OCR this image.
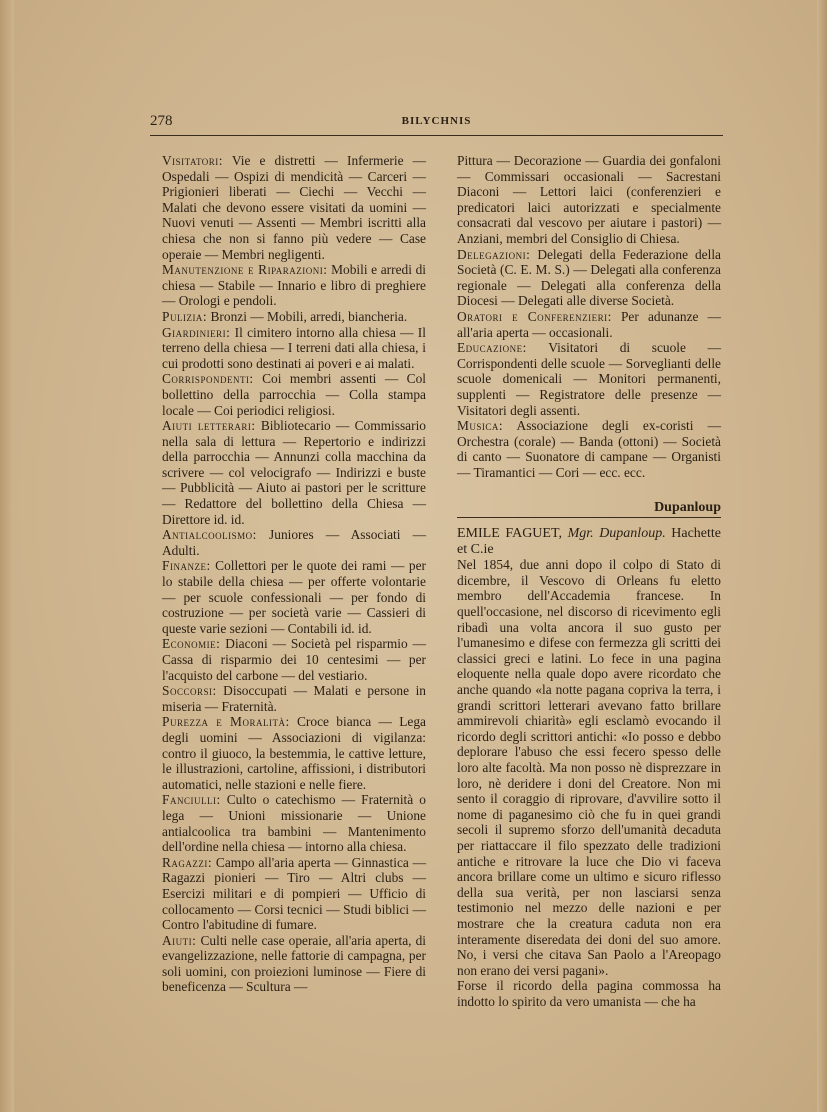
278	BILYCHNIS

Visitatori: Vie e distretti — Infermerie — Ospedali — Ospizi di mendicità — Carceri — Prigionieri liberati — Ciechi — Vecchi — Malati che devono essere visitati da uomini — Nuovi venuti — Assenti — Membri iscritti alla chiesa che non si fanno più vedere — Case operaie — Membri negligenti.

Manutenzione e Riparazioni: Mobili e arredi di chiesa — Stabile — Innario e libro di preghiere — Orologi e pendoli.

Pulizia: Bronzi — Mobili, arredi, biancheria.

Giardinieri: Il cimitero intorno alla chiesa — Il terreno della chiesa — I terreni dati alla chiesa, i cui prodotti sono destinati ai poveri e ai malati.

Corrispondenti: Coi membri assenti — Col bollettino della parrocchia — Colla stampa locale — Coi periodici religiosi.

Aiuti letterari: Bibliotecario — Commissario nella sala di lettura — Repertorio e indirizzi della parrocchia — Annunzi colla macchina da scrivere — col velocigrafo — Indirizzi e buste — Pubblicità — Aiuto ai pastori per le scritture — Redattore del bollettino della Chiesa — Direttore id. id.

Antialcoolismo: Juniores — Associati — Adulti.

Finanze: Collettori per le quote dei rami — per lo stabile della chiesa — per offerte volontarie — per scuole confessionali — per fondo di costruzione — per società varie — Cassieri di queste varie sezioni — Contabili id. id.

Economie: Diaconi — Società pel risparmio — Cassa di risparmio dei 10 centesimi — per l'acquisto del carbone — del vestiario.

Soccorsi: Disoccupati — Malati e persone in miseria — Fraternità.

Purezza e Moralità: Croce bianca — Lega degli uomini — Associazioni di vigilanza: contro il giuoco, la bestemmia, le cattive letture, le illustrazioni, cartoline, affissioni, i distributori automatici, nelle stazioni e nelle fiere.

Fanciulli: Culto o catechismo — Fraternità o lega — Unioni missionarie — Unione antialcoolica tra bambini — Mantenimento dell'ordine nella chiesa — intorno alla chiesa.

Ragazzi: Campo all'aria aperta — Ginnastica — Ragazzi pionieri — Tiro — Altri clubs — Esercizi militari e di pompieri — Ufficio di collocamento — Corsi tecnici — Studi biblici — Contro l'abitudine di fumare.

Aiuti: Culti nelle case operaie, all'aria aperta, di evangelizzazione, nelle fattorie di campagna, per soli uomini, con proiezioni luminose — Fiere di beneficenza — Scultura —

Pittura — Decorazione — Guardia dei gonfaloni — Commissari occasionali — Sacrestani Diaconi — Lettori laici (conferenzieri e predicatori laici autorizzati e specialmente consacrati dal vescovo per aiutare i pastori) — Anziani, membri del Consiglio di Chiesa.

Delegazioni: Delegati della Federazione della Società (C. E. M. S.) — Delegati alla conferenza regionale — Delegati alla conferenza della Diocesi — Delegati alle diverse Società.

Oratori e Conferenzieri: Per adunanze — all'aria aperta — occasionali.

Educazione: Visitatori di scuole — Corrispondenti delle scuole — Sorveglianti delle scuole domenicali — Monitori permanenti, supplenti — Registratore delle presenze — Visitatori degli assenti.

Musica: Associazione degli ex-coristi — Orchestra (corale) — Banda (ottoni) — Società di canto — Suonatore di campane — Organisti — Tiramantici — Cori — ecc. ecc.

Dupanloup

EMILE FAGUET, Mgr. Dupanloup. Hachette et C.ie

Nel 1854, due anni dopo il colpo di Stato di dicembre, il Vescovo di Orleans fu eletto membro dell'Accademia francese. In quell'occasione, nel discorso di ricevimento egli ribadì una volta ancora il suo gusto per l'umanesimo e difese con fermezza gli scritti dei classici greci e latini. Lo fece in una pagina eloquente nella quale dopo avere ricordato che anche quando «la notte pagana copriva la terra, i grandi scrittori letterari avevano fatto brillare ammirevoli chiarità» egli esclamò evocando il ricordo degli scrittori antichi: «Io posso e debbo deplorare l'abuso che essi fecero spesso delle loro alte facoltà. Ma non posso nè disprezzare in loro, nè deridere i doni del Creatore. Non mi sento il coraggio di riprovare, d'avvilire sotto il nome di paganesimo ciò che fu in quei grandi secoli il supremo sforzo dell'umanità decaduta per riattaccare il filo spezzato delle tradizioni antiche e ritrovare la luce che Dio vi faceva ancora brillare come un ultimo e sicuro riflesso della sua verità, per non lasciarsi senza testimonio nel mezzo delle nazioni e per mostrare che la creatura caduta non era interamente diseredata dei doni del suo amore. No, i versi che citava San Paolo a l'Areopago non erano dei versi pagani».

Forse il ricordo della pagina commossa ha indotto lo spirito da vero umanista — che ha
